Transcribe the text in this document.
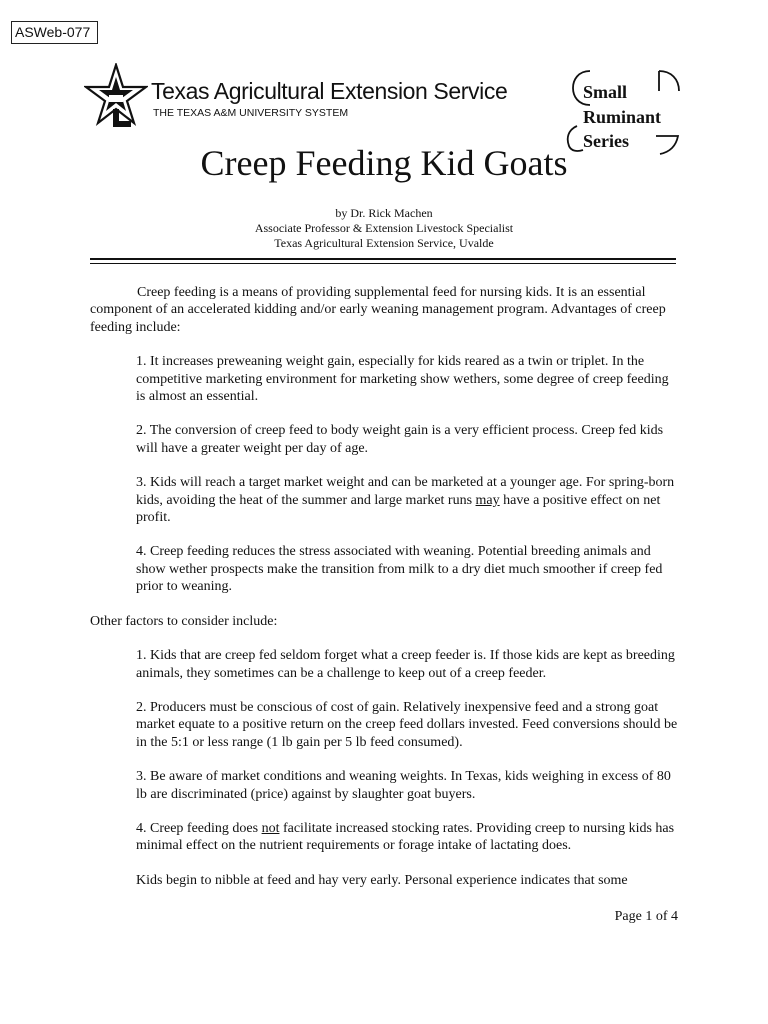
ASWeb-077
Texas Agricultural Extension Service
THE TEXAS A&M UNIVERSITY SYSTEM
Small
Ruminant
Series
Creep Feeding Kid Goats
by Dr. Rick Machen
Associate Professor & Extension Livestock Specialist
Texas Agricultural Extension Service, Uvalde

Creep feeding is a means of providing supplemental feed for nursing kids. It is an essential component of an accelerated kidding and/or early weaning management program. Advantages of creep feeding include:

1. It increases preweaning weight gain, especially for kids reared as a twin or triplet. In the competitive marketing environment for marketing show wethers, some degree of creep feeding is almost an essential.

2. The conversion of creep feed to body weight gain is a very efficient process. Creep fed kids will have a greater weight per day of age.

3. Kids will reach a target market weight and can be marketed at a younger age. For spring-born kids, avoiding the heat of the summer and large market runs may have a positive effect on net profit.

4. Creep feeding reduces the stress associated with weaning. Potential breeding animals and show wether prospects make the transition from milk to a dry diet much smoother if creep fed prior to weaning.

Other factors to consider include:

1. Kids that are creep fed seldom forget what a creep feeder is. If those kids are kept as breeding animals, they sometimes can be a challenge to keep out of a creep feeder.

2. Producers must be conscious of cost of gain. Relatively inexpensive feed and a strong goat market equate to a positive return on the creep feed dollars invested. Feed conversions should be in the 5:1 or less range (1 lb gain per 5 lb feed consumed).

3. Be aware of market conditions and weaning weights. In Texas, kids weighing in excess of 80 lb are discriminated (price) against by slaughter goat buyers.

4. Creep feeding does not facilitate increased stocking rates. Providing creep to nursing kids has minimal effect on the nutrient requirements or forage intake of lactating does.

Kids begin to nibble at feed and hay very early. Personal experience indicates that some

Page 1 of 4
